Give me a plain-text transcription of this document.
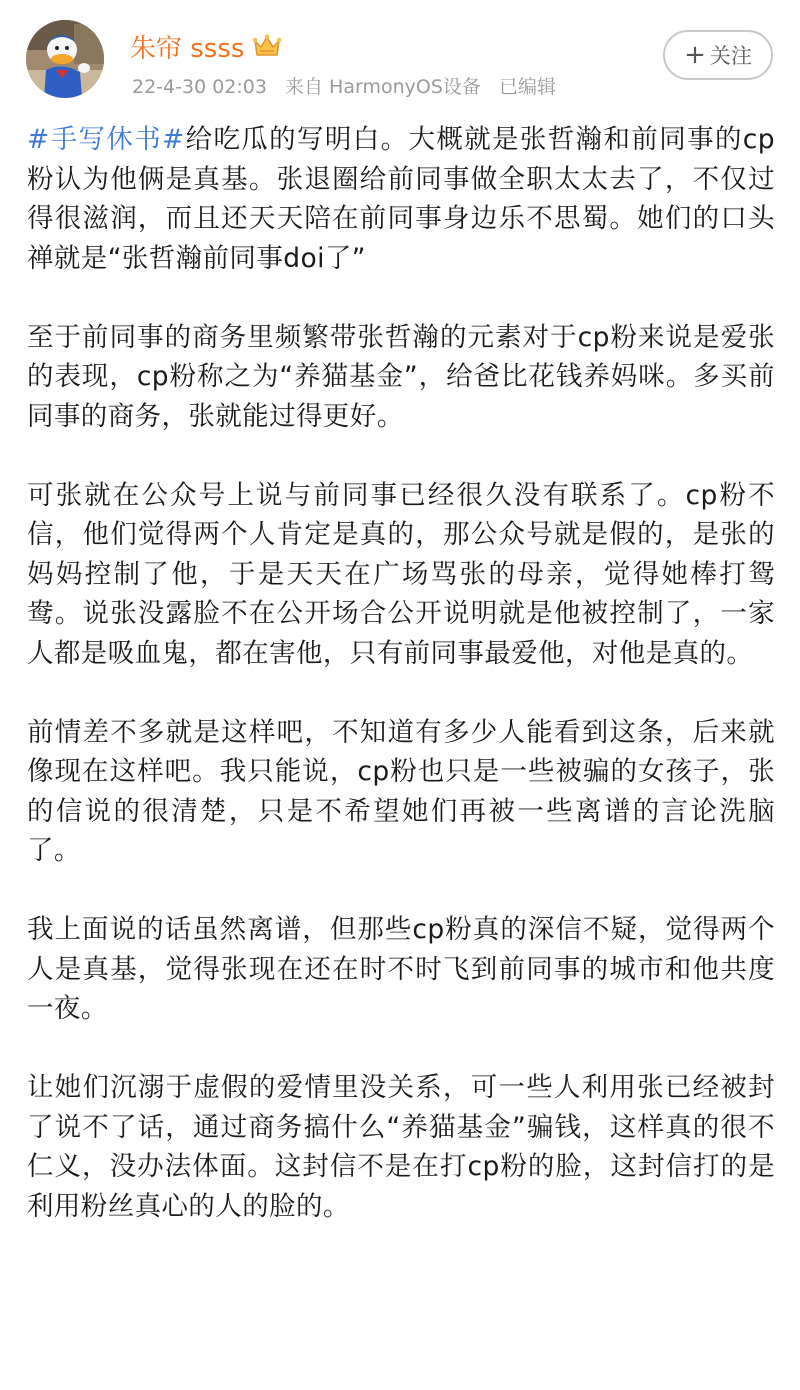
朱帘 ssss
22-4-30 02:03 来自 HarmonyOS设备 已编辑
+ 关注

#手写休书#给吃瓜的写明白。大概就是张哲瀚和前同事的cp粉认为他俩是真基。张退圈给前同事做全职太太去了，不仅过得很滋润，而且还天天陪在前同事身边乐不思蜀。她们的口头禅就是“张哲瀚前同事doi了”

至于前同事的商务里频繁带张哲瀚的元素对于cp粉来说是爱张的表现，cp粉称之为“养猫基金”，给爸比花钱养妈咪。多买前同事的商务，张就能过得更好。

可张就在公众号上说与前同事已经很久没有联系了。cp粉不信，他们觉得两个人肯定是真的，那公众号就是假的，是张的妈妈控制了他，于是天天在广场骂张的母亲，觉得她棒打鸳鸯。说张没露脸不在公开场合公开说明就是他被控制了，一家人都是吸血鬼，都在害他，只有前同事最爱他，对他是真的。

前情差不多就是这样吧，不知道有多少人能看到这条，后来就像现在这样吧。我只能说，cp粉也只是一些被骗的女孩子，张的信说的很清楚，只是不希望她们再被一些离谱的言论洗脑了。

我上面说的话虽然离谱，但那些cp粉真的深信不疑，觉得两个人是真基，觉得张现在还在时不时飞到前同事的城市和他共度一夜。

让她们沉溺于虚假的爱情里没关系，可一些人利用张已经被封了说不了话，通过商务搞什么“养猫基金”骗钱，这样真的很不仁义，没办法体面。这封信不是在打cp粉的脸，这封信打的是利用粉丝真心的人的脸的。
